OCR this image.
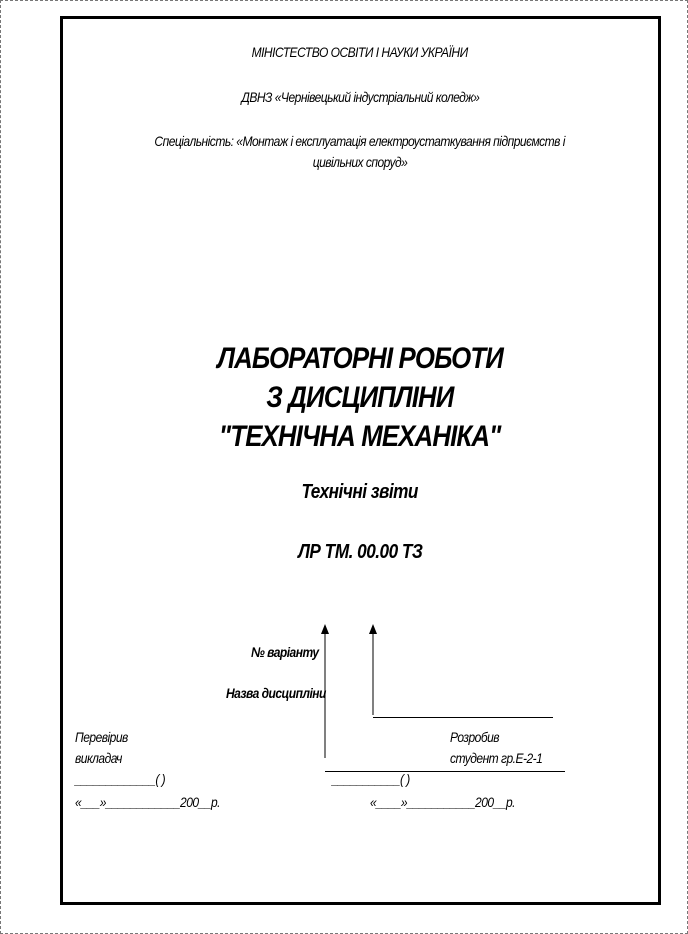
МІНІСТЕСТВО ОСВІТИ І НАУКИ УКРАЇНИ
ДВНЗ «Чернівецький індустріальний коледж»
Спеціальність: «Монтаж і експлуатація електроустаткування підприємств і
цивільних споруд»
ЛАБОРАТОРНІ РОБОТИ
З ДИСЦИПЛІНИ
"ТЕХНІЧНА МЕХАНІКА"
Технічні звіти
ЛР ТМ. 00.00 ТЗ
№ варіанту
Назва дисципліни
Перевірив
викладач
_____________( )
«___»____________200__р.
Розробив
студент гр.Е-2-1
___________( )
«____»___________200__р.
